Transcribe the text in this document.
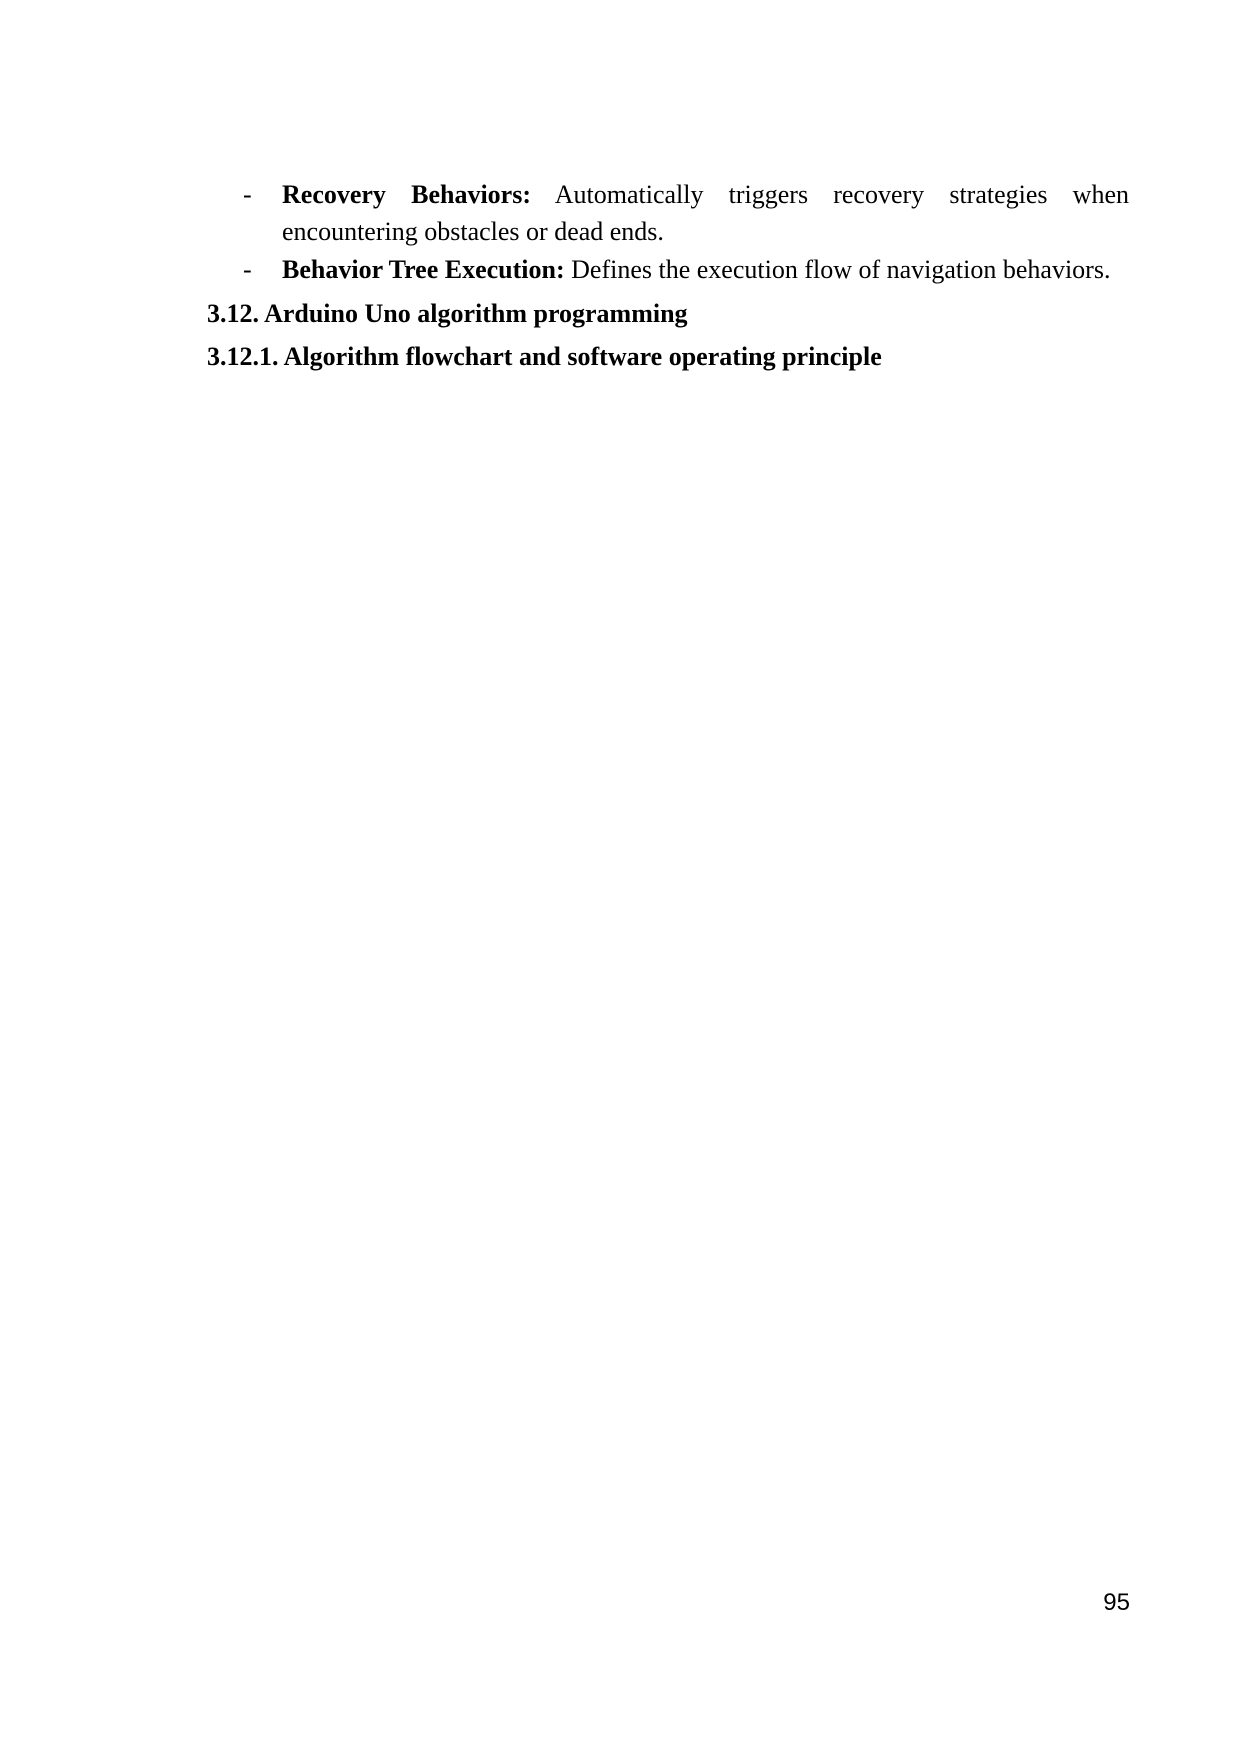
- Recovery Behaviors: Automatically triggers recovery strategies when encountering obstacles or dead ends.
- Behavior Tree Execution: Defines the execution flow of navigation behaviors.
3.12. Arduino Uno algorithm programming
3.12.1. Algorithm flowchart and software operating principle
95
